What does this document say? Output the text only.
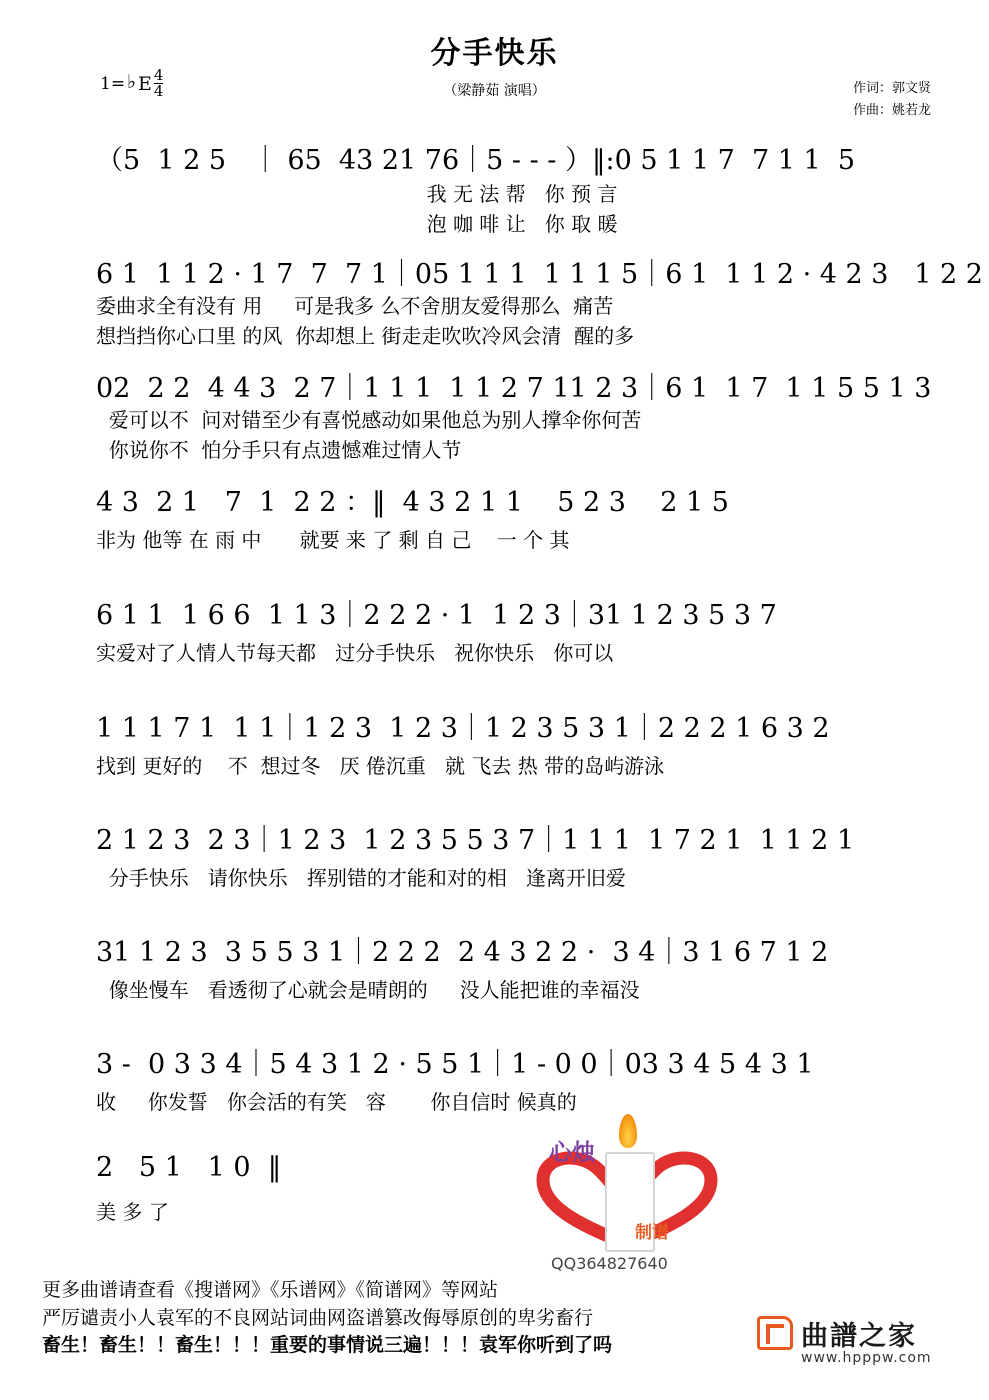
分手快乐
（梁静茹 演唱）	作词：郭文贤
作曲：姚若龙
1= ♭ E $\frac{4}{4}$

（5  1 2 5   ｜ 65  43 21 76｜5 - - - ）‖:0 5 1 1 7  7 1 1  5

我 无 法 帮   你 预 言

泡 咖 啡 让   你 取 暖

6 1  1 1 2 · 1 7  7  7 1｜05 1 1 1  1 1 1 5｜6 1  1 1 2 · 4 2 3   1 2 2

委曲求全有没有 用     可是我多 么不舍朋友爱得那么  痛苦

想挡挡你心口里 的风  你却想上 街走走吹吹冷风会清  醒的多

02  2 2  4 4 3  2 7｜1 1 1  1 1 2 7 11 2 3｜6 1  1 7  1 1 5 5 1 3

爱可以不  问对错至少有喜悦感动如果他总为别人撑伞你何苦

你说你不  怕分手只有点遗憾难过情人节

4 3  2 1   7  1  2 2 ：‖  4 3 2 1 1    5 2 3    2 1 5

非为 他等 在 雨 中      就要 来 了 剩 自 己    一 个 其

6 1 1  1 6 6  1 1 3｜2 2 2 · 1  1 2 3｜31 1 2 3 5 3 7

实爱对了人情人节每天都   过分手快乐   祝你快乐   你可以

1 1 1 7 1  1 1｜1 2 3  1 2 3｜1 2 3 5 3 1｜2 2 2 1 6 3 2

找到 更好的    不  想过冬   厌 倦沉重   就 飞去 热 带的岛屿游泳

2 1 2 3  2 3｜1 2 3  1 2 3 5 5 3 7｜1 1 1  1 7 2 1  1 1 2 1

分手快乐   请你快乐   挥别错的才能和对的相   逢离开旧爱

31 1 2 3  3 5 5 3 1｜2 2 2  2 4 3 2 2 ·  3 4｜3 1 6 7 1 2

像坐慢车   看透彻了心就会是晴朗的     没人能把谁的幸福没

3 -  0 3 3 4｜5 4 3 1 2 · 5 5 1｜1 - 0 0｜03 3 4 5 4 3 1

收     你发誓   你会活的有笑   容       你自信时 候真的

2   5 1   1 0  ‖

美 多 了

心烛
制谱
QQ364827640
更多曲谱请查看《搜谱网》《乐谱网》《简谱网》等网站
严厉谴责小人袁军的不良网站词曲网盗谱篡改侮辱原创的卑劣畜行
畜生！畜生！！畜生！！！重要的事情说三遍！！！袁军你听到了吗	曲譜之家
www.hpppw.com
